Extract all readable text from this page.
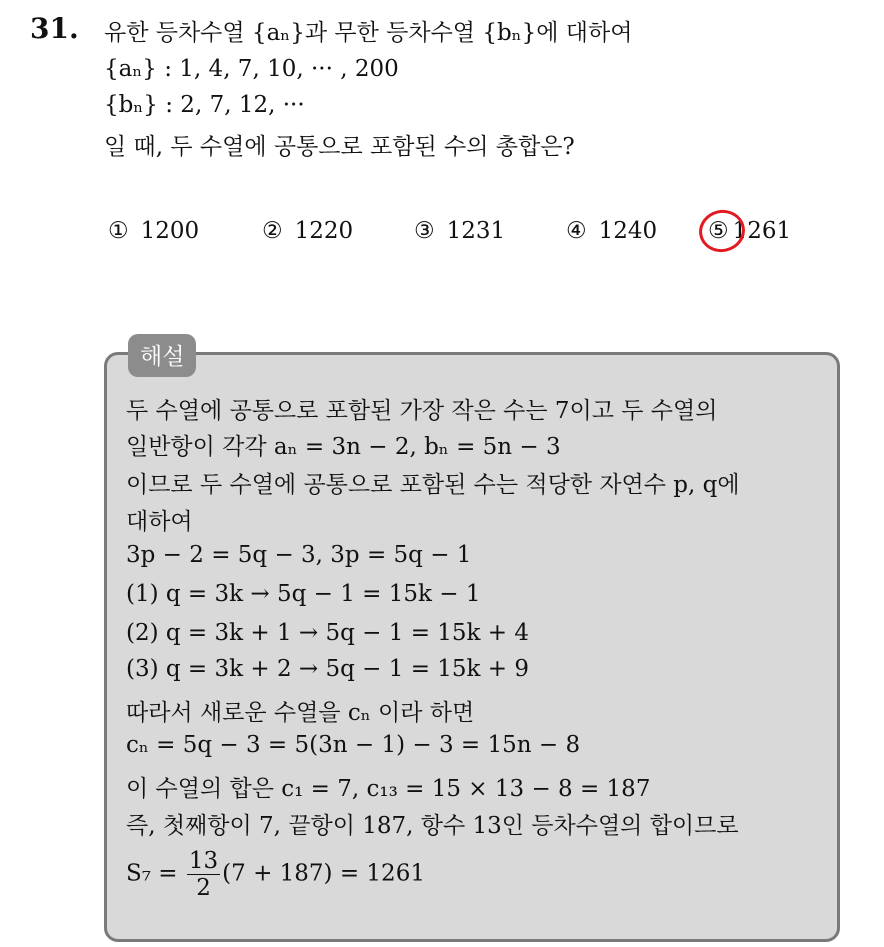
31. 유한 등차수열 {aₙ}과 무한 등차수열 {bₙ}에 대하여
{aₙ} : 1, 4, 7, 10, ··· , 200
{bₙ} : 2, 7, 12, ···
일 때, 두 수열에 공통으로 포함된 수의 총합은?
① 1200	② 1220	③ 1231	④ 1240 ⑤ 1261
해설
두 수열에 공통으로 포함된 가장 작은 수는 7이고 두 수열의
일반항이 각각 aₙ = 3n − 2, bₙ = 5n − 3
이므로 두 수열에 공통으로 포함된 수는 적당한 자연수 p, q에
대하여
3p − 2 = 5q − 3, 3p = 5q − 1
(1) q = 3k → 5q − 1 = 15k − 1
(2) q = 3k + 1 → 5q − 1 = 15k + 4
(3) q = 3k + 2 → 5q − 1 = 15k + 9
따라서 새로운 수열을 cₙ 이라 하면
cₙ = 5q − 3 = 5(3n − 1) − 3 = 15n − 8
이 수열의 합은 c₁ = 7, c₁₃ = 15 × 13 − 8 = 187
즉, 첫째항이 7, 끝항이 187, 항수 13인 등차수열의 합이므로
$S_7 = \frac{13}{2} (7 + 187) = 1261$
